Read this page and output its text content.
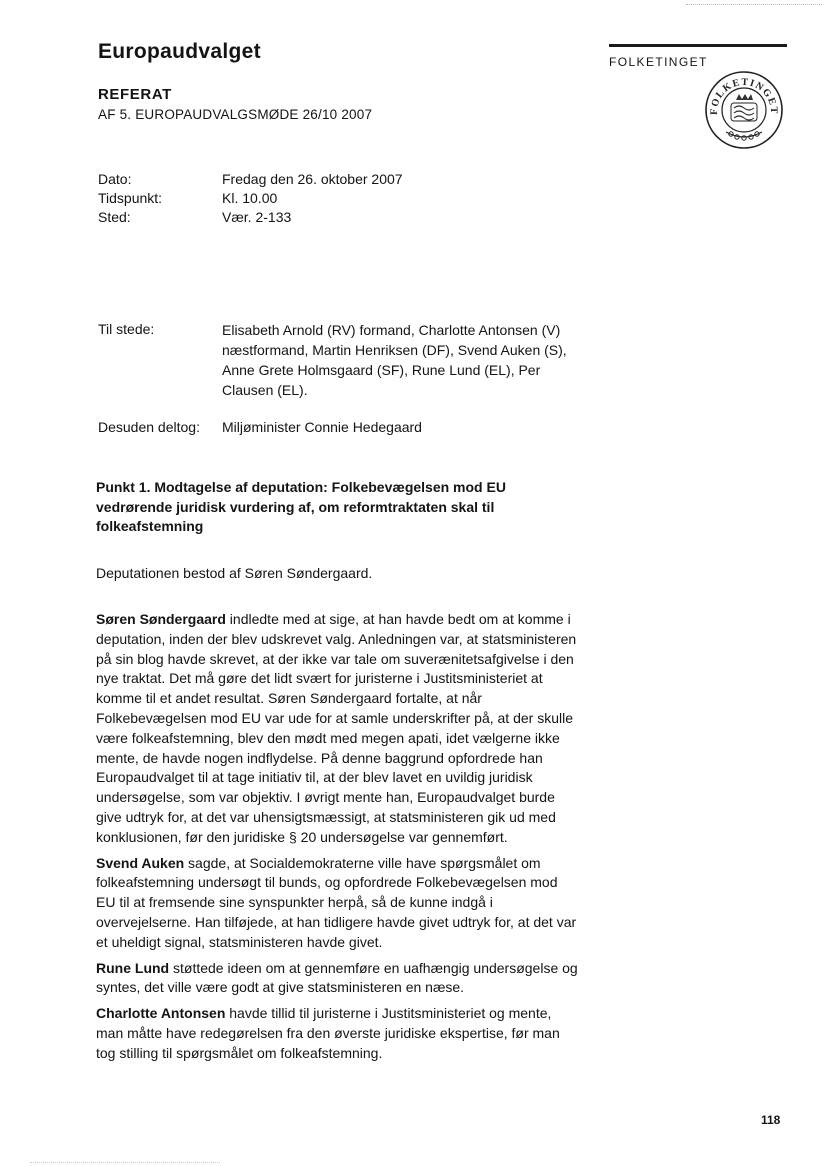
Europaudvalget
REFERAT
AF 5. EUROPAUDVALGSMØDE 26/10 2007
FOLKETINGET
FOLKETINGET
Dato:	Fredag den 26. oktober 2007
Tidspunkt:	Kl. 10.00
Sted:	Vær. 2-133
Til stede:	Elisabeth Arnold (RV) formand, Charlotte Antonsen (V) næstformand, Martin Henriksen (DF), Svend Auken (S), Anne Grete Holmsgaard (SF), Rune Lund (EL), Per Clausen (EL).
Desuden deltog: Miljøminister Connie Hedegaard
Punkt 1. Modtagelse af deputation: Folkebevægelsen mod EU vedrørende juridisk vurdering af, om reformtraktaten skal til folkeafstemning
Deputationen bestod af Søren Søndergaard.

Søren Søndergaard indledte med at sige, at han havde bedt om at komme i deputation, inden der blev udskrevet valg. Anledningen var, at statsministeren på sin blog havde skrevet, at der ikke var tale om suverænitetsafgivelse i den nye traktat. Det må gøre det lidt svært for juristerne i Justitsministeriet at komme til et andet resultat. Søren Søndergaard fortalte, at når Folkebevægelsen mod EU var ude for at samle underskrifter på, at der skulle være folkeafstemning, blev den mødt med megen apati, idet vælgerne ikke mente, de havde nogen indflydelse. På denne baggrund opfordrede han Europaudvalget til at tage initiativ til, at der blev lavet en uvildig juridisk undersøgelse, som var objektiv. I øvrigt mente han, Europaudvalget burde give udtryk for, at det var uhensigtsmæssigt, at statsministeren gik ud med konklusionen, før den juridiske § 20 undersøgelse var gennemført.

Svend Auken sagde, at Socialdemokraterne ville have spørgsmålet om folkeafstemning undersøgt til bunds, og opfordrede Folkebevægelsen mod EU til at fremsende sine synspunkter herpå, så de kunne indgå i overvejelserne. Han tilføjede, at han tidligere havde givet udtryk for, at det var et uheldigt signal, statsministeren havde givet.

Rune Lund støttede ideen om at gennemføre en uafhængig undersøgelse og syntes, det ville være godt at give statsministeren en næse.

Charlotte Antonsen havde tillid til juristerne i Justitsministeriet og mente, man måtte have redegørelsen fra den øverste juridiske ekspertise, før man tog stilling til spørgsmålet om folkeafstemning.

118
